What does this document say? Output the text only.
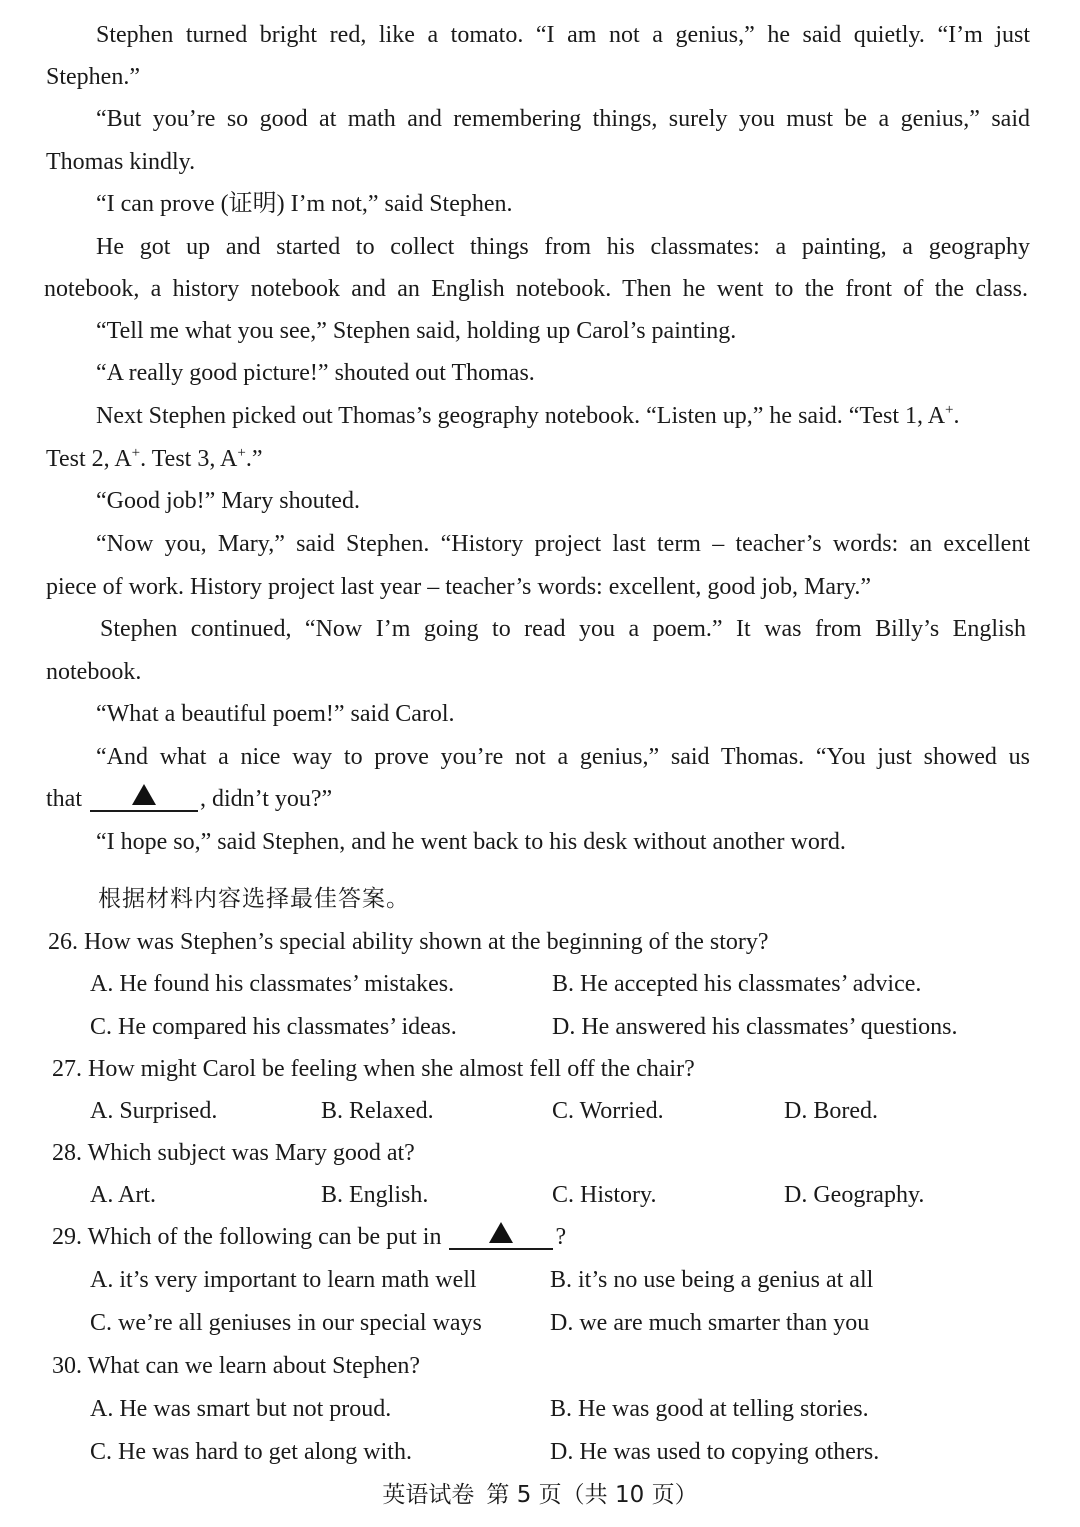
Stephen turned bright red, like a tomato. “I am not a genius,” he said quietly. “I’m just
Stephen.”
“But you’re so good at math and remembering things, surely you must be a genius,” said
Thomas kindly.
“I can prove (证明) I’m not,” said Stephen.
He got up and started to collect things from his classmates: a painting, a geography
notebook, a history notebook and an English notebook. Then he went to the front of the class.
“Tell me what you see,” Stephen said, holding up Carol’s painting.
“A really good picture!” shouted out Thomas.
Next Stephen picked out Thomas’s geography notebook. “Listen up,” he said. “Test 1, A+.
Test 2, A+. Test 3, A+.”
“Good job!” Mary shouted.
“Now you, Mary,” said Stephen. “History project last term – teacher’s words: an excellent
piece of work. History project last year – teacher’s words: excellent, good job, Mary.”
Stephen continued, “Now I’m going to read you a poem.” It was from Billy’s English
notebook.
“What a beautiful poem!” said Carol.
“And what a nice way to prove you’re not a genius,” said Thomas. “You just showed us
that	, didn’t you?”
“I hope so,” said Stephen, and he went back to his desk without another word.
根据材料内容选择最佳答案。
26. How was Stephen’s special ability shown at the beginning of the story?
A. He found his classmates’ mistakes.	B. He accepted his classmates’ advice.
C. He compared his classmates’ ideas.	D. He answered his classmates’ questions.
27. How might Carol be feeling when she almost fell off the chair?
A. Surprised.	B. Relaxed.	C. Worried.	D. Bored.
28. Which subject was Mary good at?
A. Art.	B. English.	C. History.	D. Geography.
29. Which of the following can be put in	?
A. it’s very important to learn math well	B. it’s no use being a genius at all
C. we’re all geniuses in our special ways	D. we are much smarter than you
30. What can we learn about Stephen?
A. He was smart but not proud.	B. He was good at telling stories.
C. He was hard to get along with.	D. He was used to copying others.
英语试卷 第 5 页（共 10 页）
